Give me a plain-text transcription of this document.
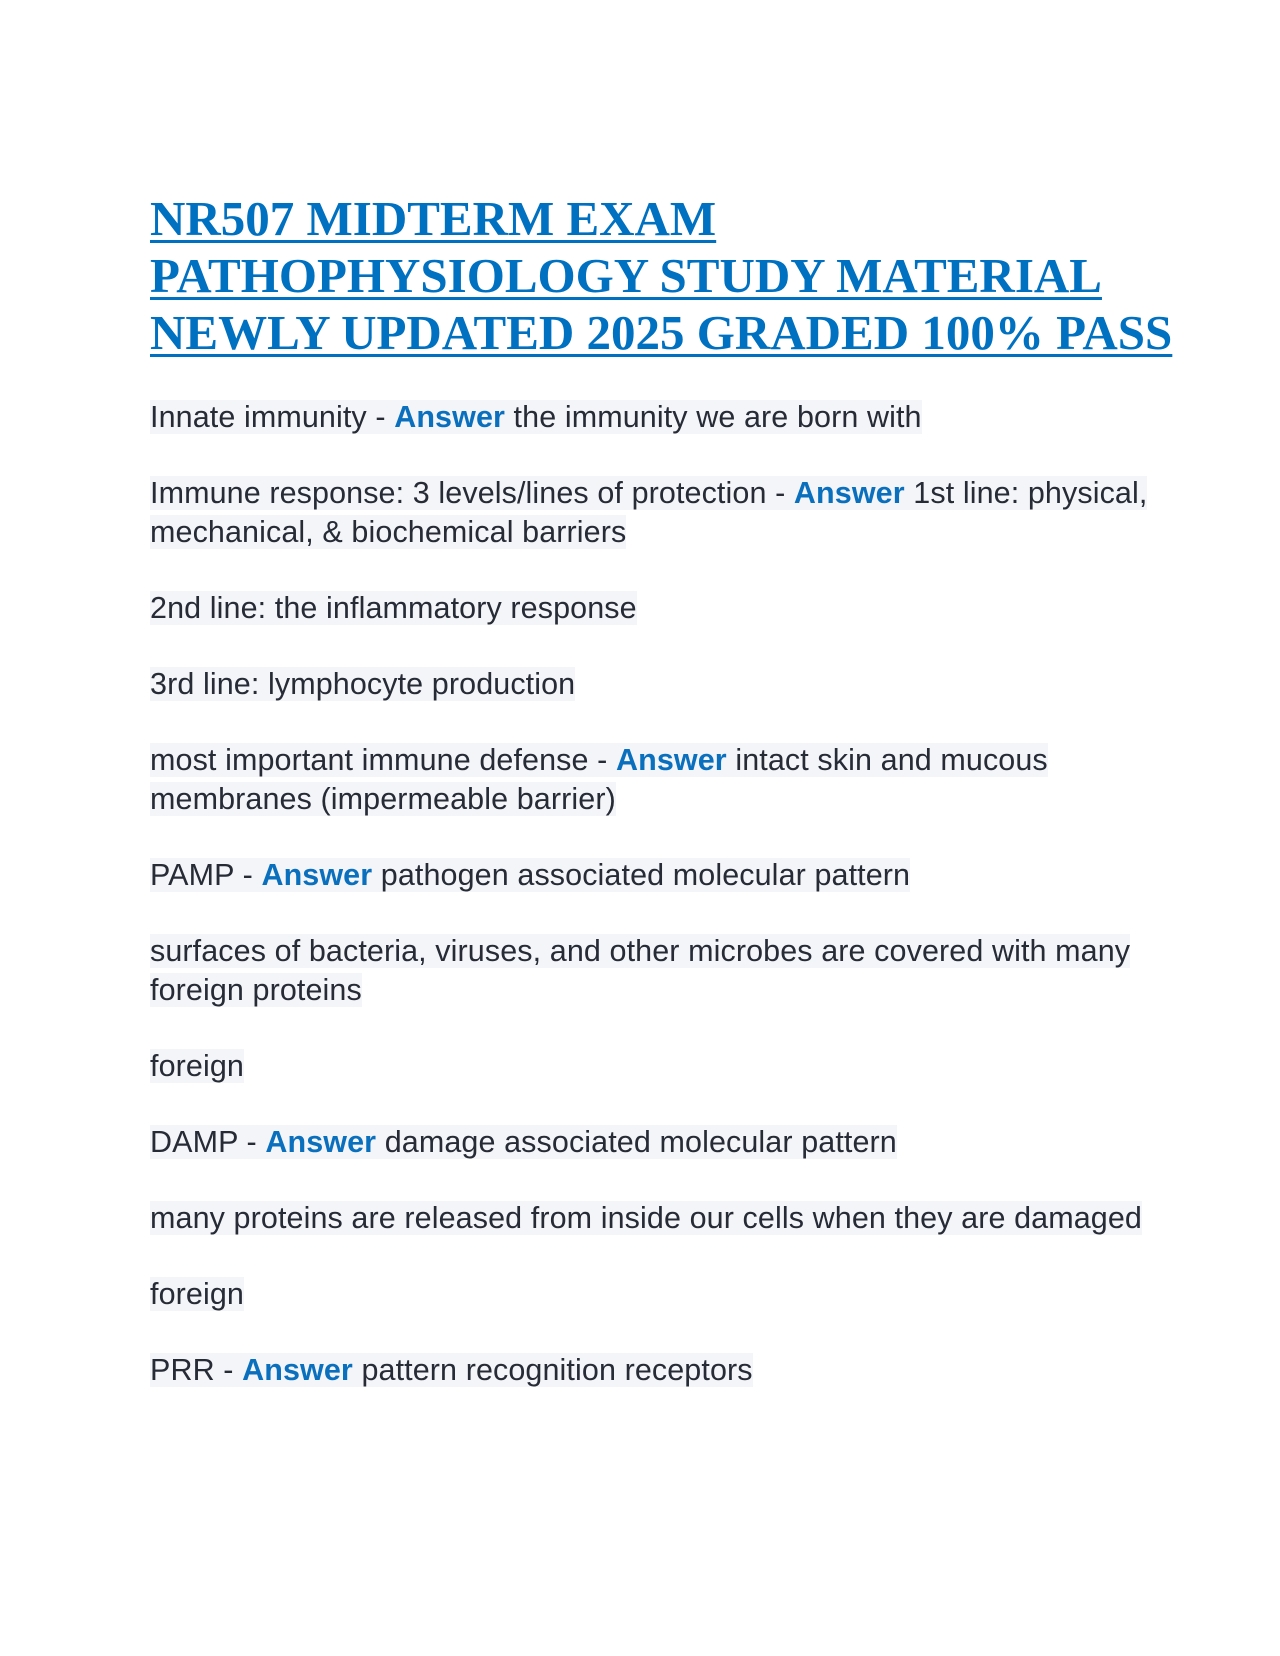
NR507 MIDTERM EXAM PATHOPHYSIOLOGY STUDY MATERIAL NEWLY UPDATED 2025 GRADED 100% PASS

Innate immunity - Answer the immunity we are born with

Immune response: 3 levels/lines of protection - Answer 1st line: physical, mechanical, & biochemical barriers

2nd line: the inflammatory response

3rd line: lymphocyte production

most important immune defense - Answer intact skin and mucous membranes (impermeable barrier)

PAMP - Answer pathogen associated molecular pattern

surfaces of bacteria, viruses, and other microbes are covered with many foreign proteins

foreign

DAMP - Answer damage associated molecular pattern

many proteins are released from inside our cells when they are damaged

foreign

PRR - Answer pattern recognition receptors
